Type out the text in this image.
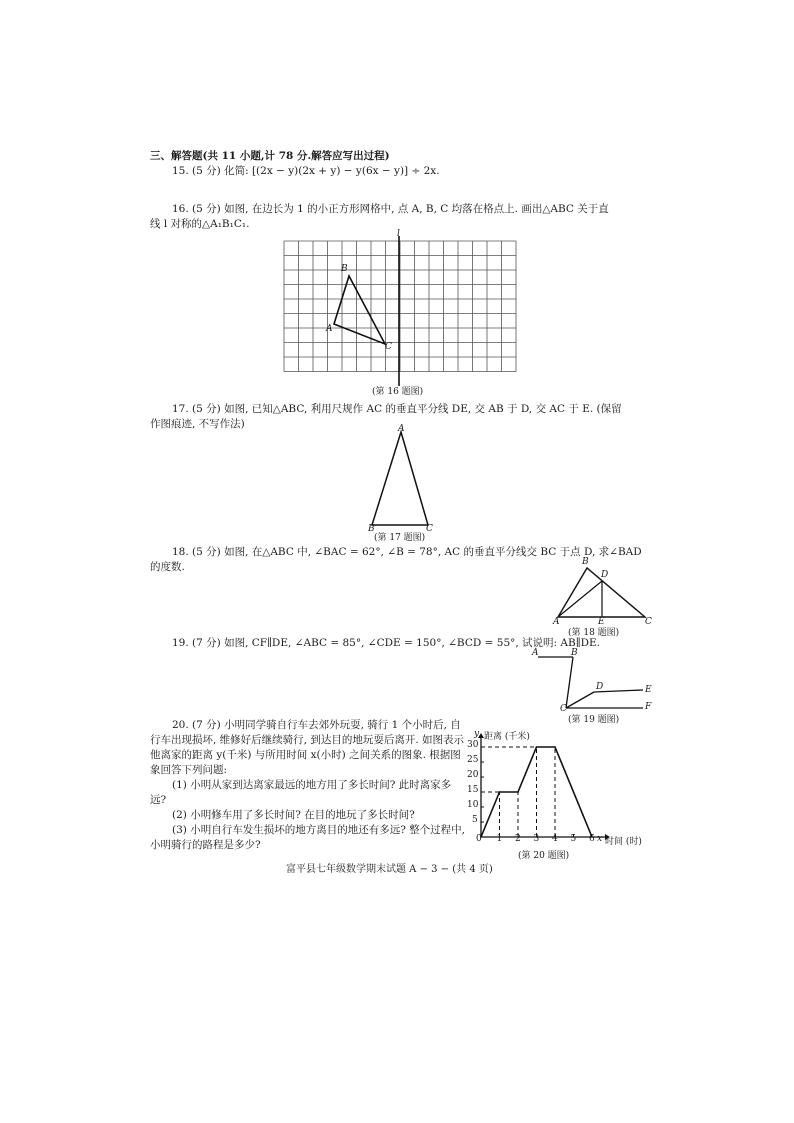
三、解答题(共 11 小题,计 78 分.解答应写出过程)
15. (5 分) 化简: [(2x − y)(2x + y) − y(6x − y)] ÷ 2x.
16. (5 分) 如图, 在边长为 1 的小正方形网格中, 点 A, B, C 均落在格点上. 画出△ABC 关于直
线 l 对称的△A₁B₁C₁.
l
B
A
C
(第 16 题图)
17. (5 分) 如图, 已知△ABC, 利用尺规作 AC 的垂直平分线 DE, 交 AB 于 D, 交 AC 于 E. (保留
作图痕迹, 不写作法)	A
B	C
(第 17 题图)
18. (5 分) 如图, 在△ABC 中, ∠BAC = 62°, ∠B = 78°, AC 的垂直平分线交 BC 于点 D, 求∠BAD
的度数.	B
D
A	E	C
(第 18 题图)
19. (7 分) 如图, CF∥DE, ∠ABC = 85°, ∠CDE = 150°, ∠BCD = 55°, 试说明: AB∥DE.
A	B
D	E
F
C
(第 19 题图)
20. (7 分) 小明同学骑自行车去郊外玩耍, 骑行 1 个小时后, 自行车出现损坏, 维修好后继续骑行, 到达目的地玩耍后离开. 如图表示他离家的距离 y(千米) 与所用时间 x(小时) 之间关系的图象. 根据图象回答下列问题:
(1) 小明从家到达离家最远的地方用了多长时间? 此时离家多远?
(2) 小明修车用了多长时间? 在目的地玩了多长时间?
(3) 小明自行车发生损坏的地方离目的地还有多远? 整个过程中, 小明骑行的路程是多少?
y 距离 (千米)
x 时间 (时)
0
(第 20 题图)
富平县七年级数学期末试题 A − 3 − (共 4 页)
1 2 3 4 5 6
5
10
15
20
25
30
